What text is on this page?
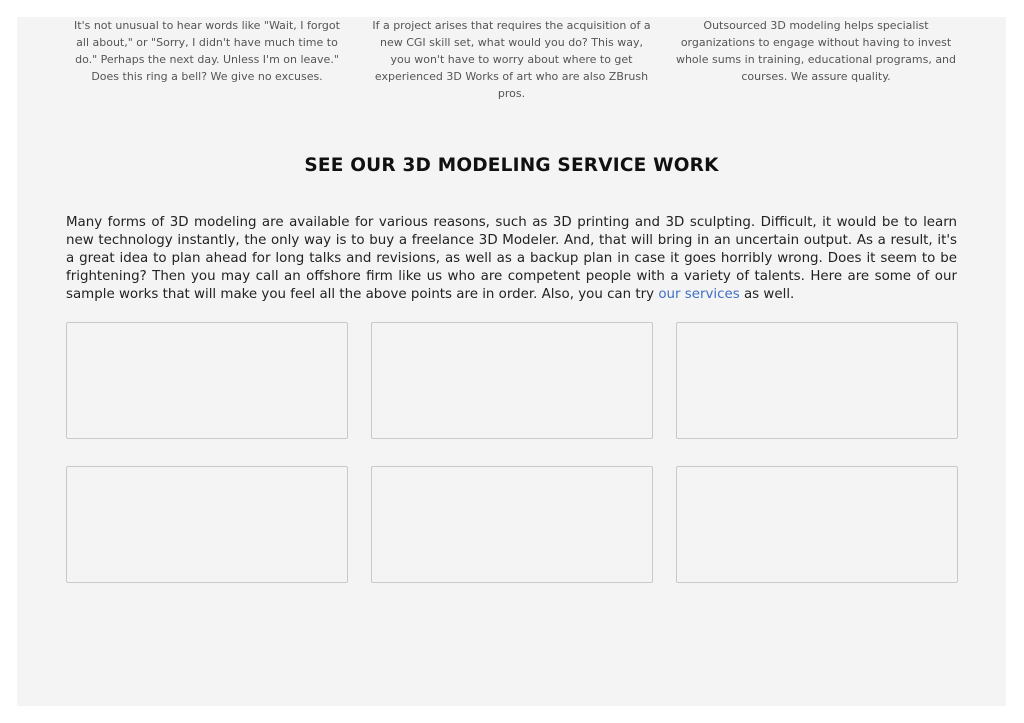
It's not unusual to hear words like "Wait, I forgot all about," or "Sorry, I didn't have much time to do." Perhaps the next day. Unless I'm on leave." Does this ring a bell? We give no excuses.

If a project arises that requires the acquisition of a new CGI skill set, what would you do? This way, you won't have to worry about where to get experienced 3D Works of art who are also ZBrush pros.

Outsourced 3D modeling helps specialist organizations to engage without having to invest whole sums in training, educational programs, and courses. We assure quality.

SEE OUR 3D MODELING SERVICE WORK

Many forms of 3D modeling are available for various reasons, such as 3D printing and 3D sculpting. Difficult, it would be to learn new technology instantly, the only way is to buy a freelance 3D Modeler. And, that will bring in an uncertain output. As a result, it's a great idea to plan ahead for long talks and revisions, as well as a backup plan in case it goes horribly wrong. Does it seem to be frightening? Then you may call an offshore firm like us who are competent people with a variety of talents. Here are some of our sample works that will make you feel all the above points are in order. Also, you can try our services as well.
